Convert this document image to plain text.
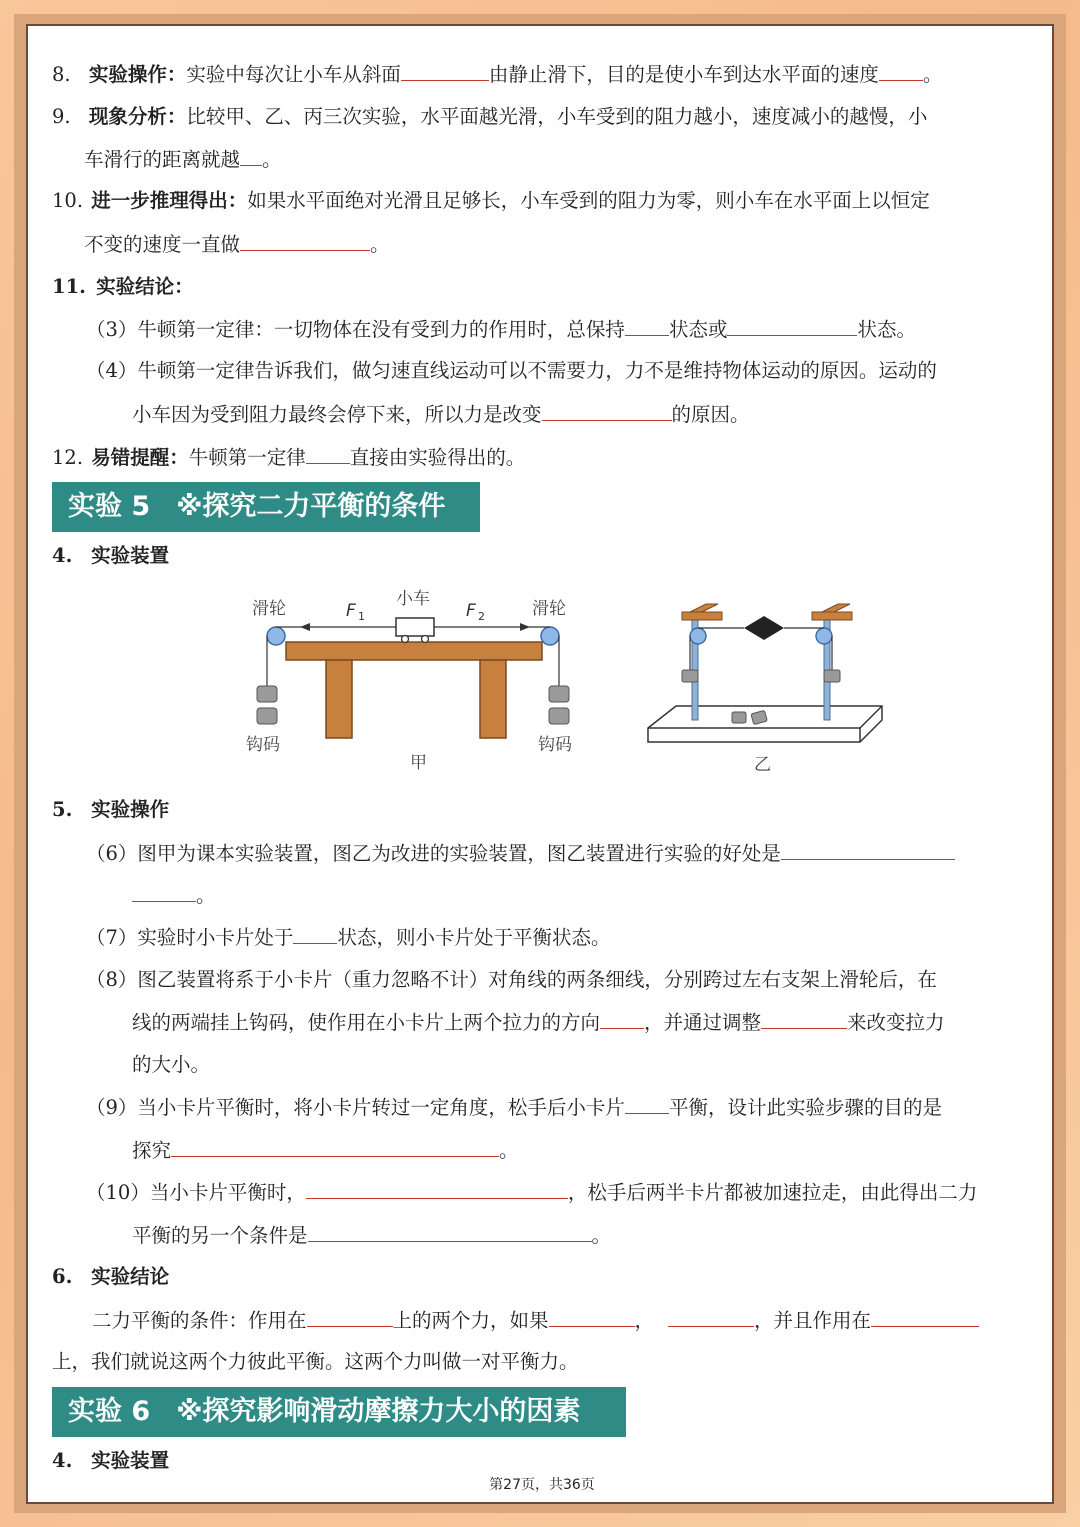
8. 实验操作：实验中每次让小车从斜面	由静止滑下，目的是使小车到达水平面的速度 。
9. 现象分析：比较甲、乙、丙三次实验，水平面越光滑，小车受到的阻力越小，速度减小的越慢，小
车滑行的距离就越 。
10. 进一步推理得出：如果水平面绝对光滑且足够长，小车受到的阻力为零，则小车在水平面上以恒定
不变的速度一直做	。
11. 实验结论：
（3）牛顿第一定律：一切物体在没有受到力的作用时，总保持 状态或	状态。
（4）牛顿第一定律告诉我们，做匀速直线运动可以不需要力，力不是维持物体运动的原因。运动的
小车因为受到阻力最终会停下来，所以力是改变	的原因。
12. 易错提醒：牛顿第一定律 直接由实验得出的。
实验 5 ※探究二力平衡的条件
4. 实验装置
滑轮	滑轮
小车
F 1	F 2
钩码	钩码
甲	乙
5. 实验操作
（6）图甲为课本实验装置，图乙为改进的实验装置，图乙装置进行实验的好处是
。
（7）实验时小卡片处于 状态，则小卡片处于平衡状态。
（8）图乙装置将系于小卡片（重力忽略不计）对角线的两条细线，分别跨过左右支架上滑轮后，在
线的两端挂上钩码，使作用在小卡片上两个拉力的方向 ，并通过调整	来改变拉力
的大小。
（9）当小卡片平衡时，将小卡片转过一定角度，松手后小卡片 平衡，设计此实验步骤的目的是
探究	。
（10）当小卡片平衡时，	，松手后两半卡片都被加速拉走，由此得出二力
平衡的另一个条件是	。
6. 实验结论
二力平衡的条件：作用在	上的两个力，如果	，	，并且作用在
上，我们就说这两个力彼此平衡。这两个力叫做一对平衡力。
实验 6 ※探究影响滑动摩擦力大小的因素
4. 实验装置
第27页，共36页
